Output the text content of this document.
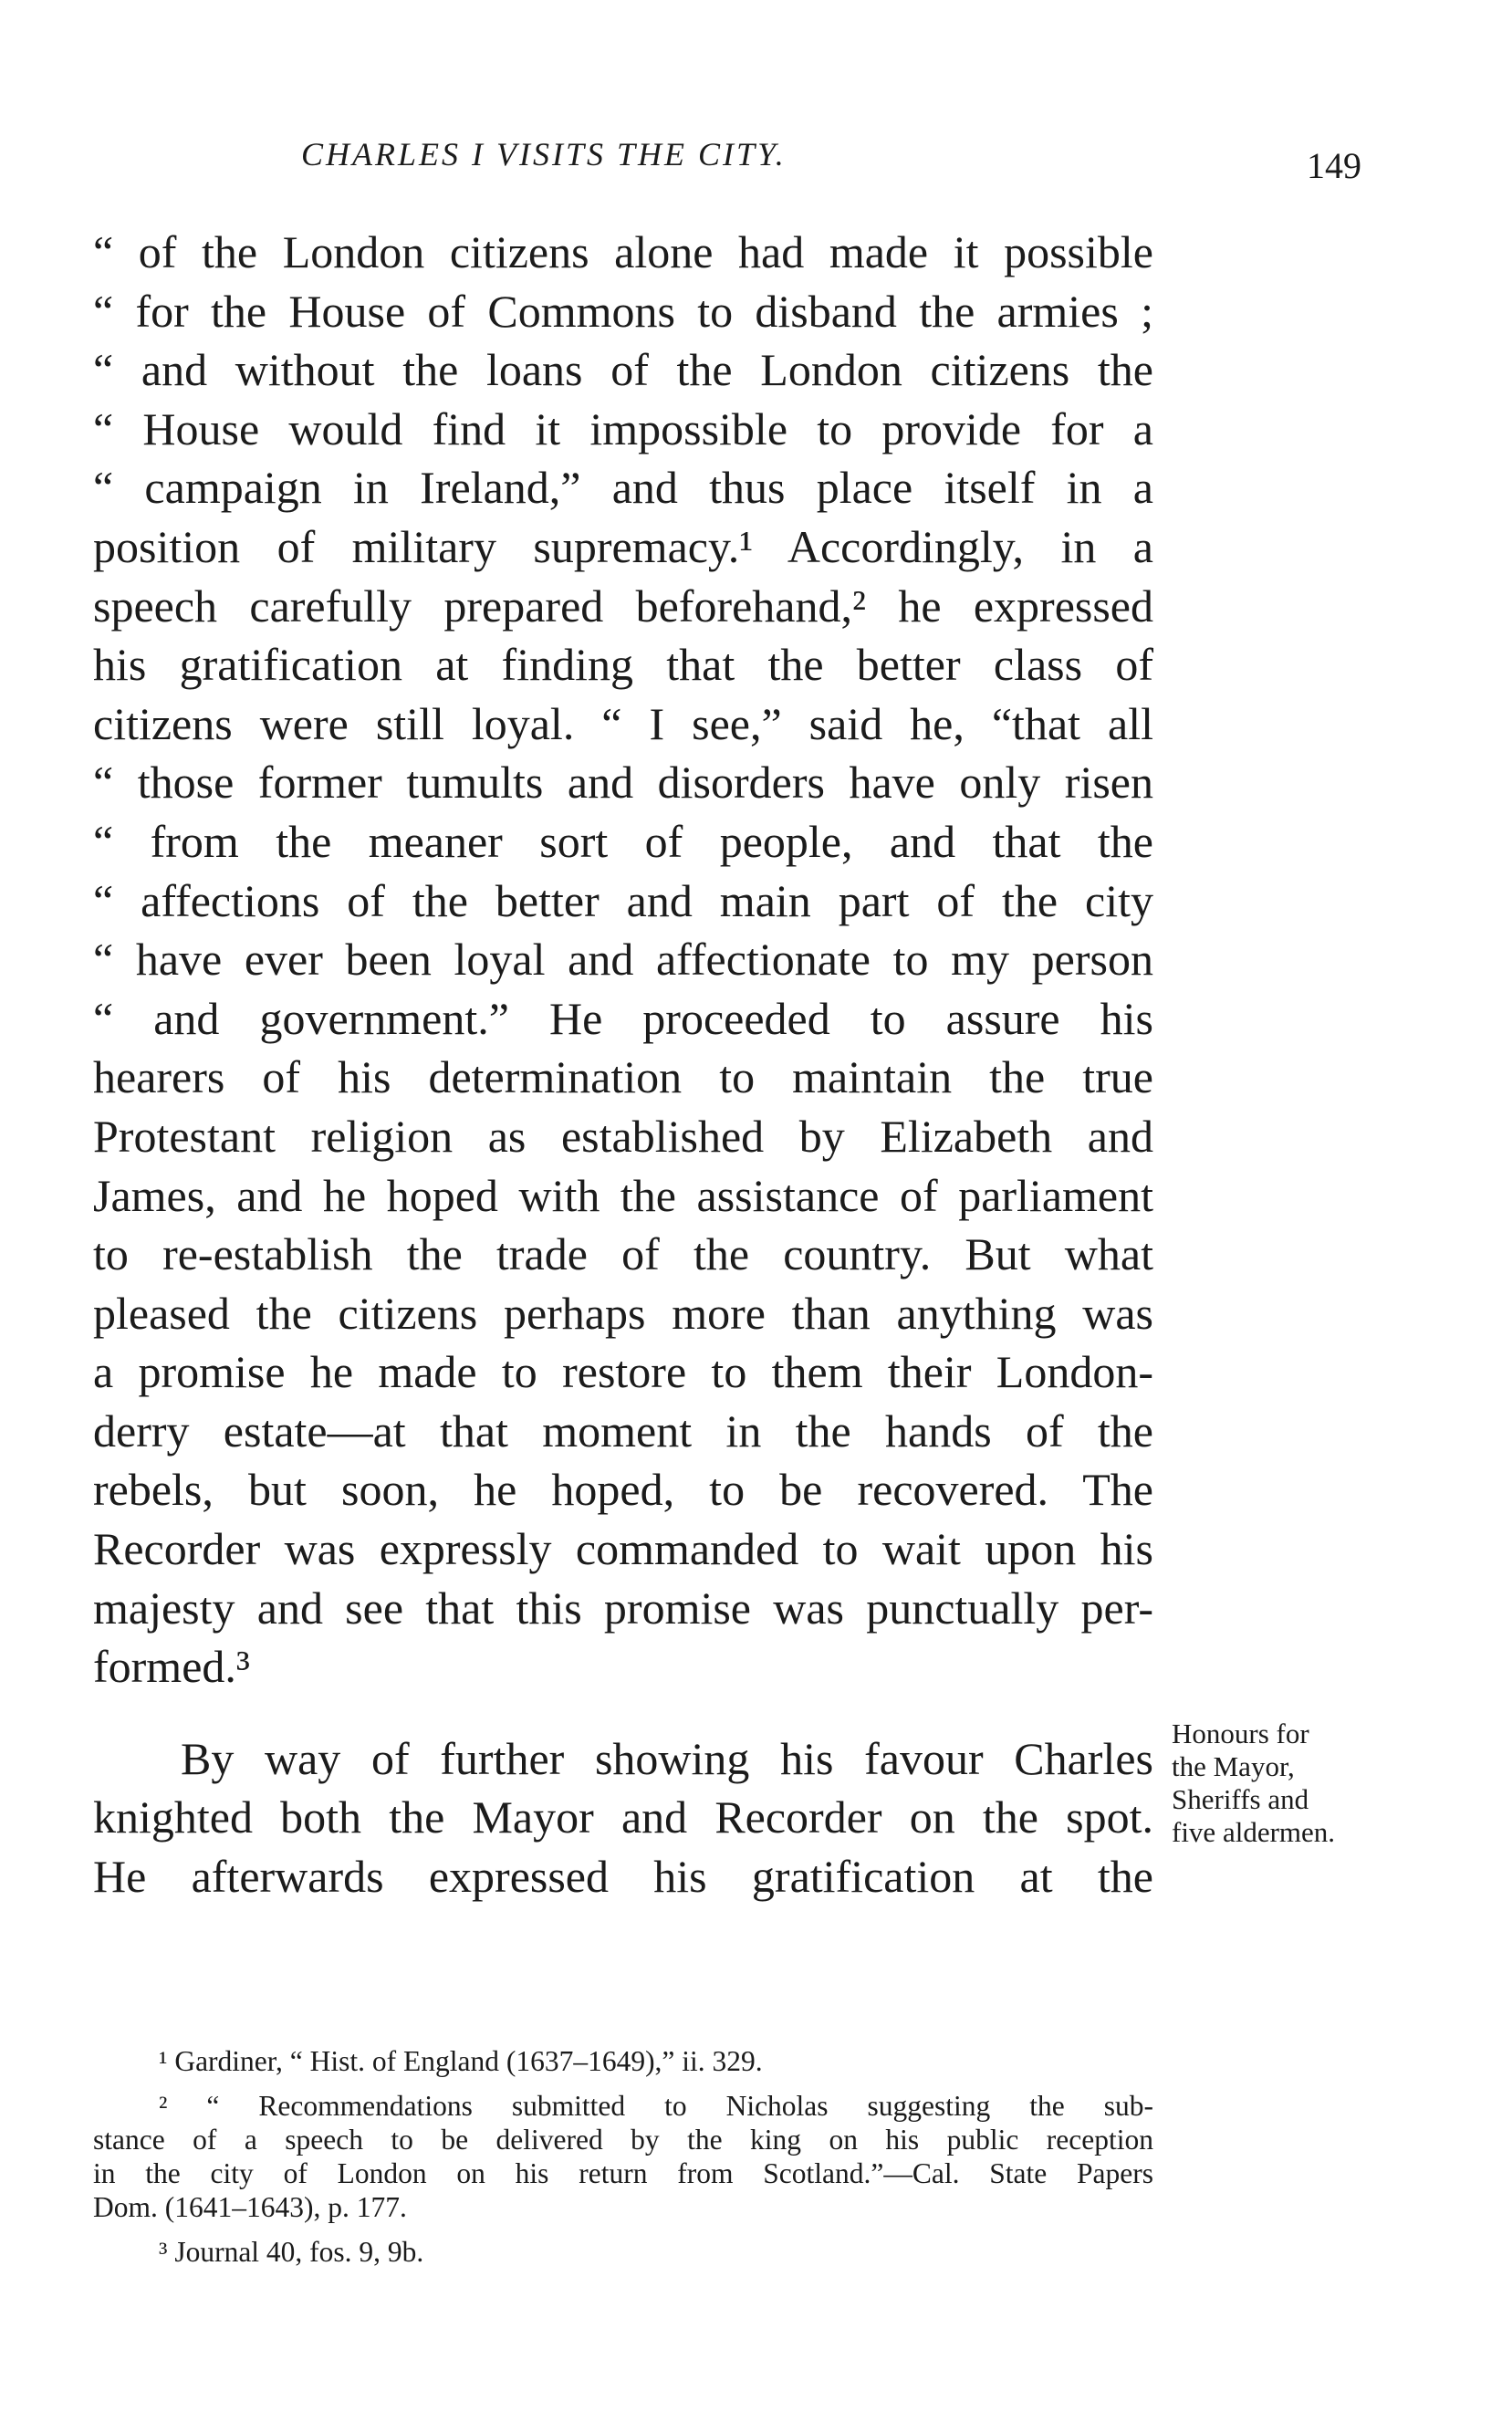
CHARLES I VISITS THE CITY.	149
“ of the London citizens alone had made it possible
“ for the House of Commons to disband the armies ;
“ and without the loans of the London citizens the
“ House would find it impossible to provide for a
“ campaign in Ireland,” and thus place itself in a
position of military supremacy.¹ Accordingly, in a
speech carefully prepared beforehand,² he expressed
his gratification at finding that the better class of
citizens were still loyal. “ I see,” said he, “that all
“ those former tumults and disorders have only risen
“ from the meaner sort of people, and that the
“ affections of the better and main part of the city
“ have ever been loyal and affectionate to my person
“ and government.” He proceeded to assure his
hearers of his determination to maintain the true
Protestant religion as established by Elizabeth and
James, and he hoped with the assistance of parliament
to re-establish the trade of the country. But what
pleased the citizens perhaps more than anything was
a promise he made to restore to them their London-
derry estate—at that moment in the hands of the
rebels, but soon, he hoped, to be recovered. The
Recorder was expressly commanded to wait upon his
majesty and see that this promise was punctually per-
formed.³
By way of further showing his favour Charles
knighted both the Mayor and Recorder on the spot.
He afterwards expressed his gratification at the
Honours for
the Mayor,
Sheriffs and
five aldermen.
¹ Gardiner, “ Hist. of England (1637–1649),” ii. 329.
² “ Recommendations submitted to Nicholas suggesting the sub-
stance of a speech to be delivered by the king on his public reception
in the city of London on his return from Scotland.”—Cal. State Papers
Dom. (1641–1643), p. 177.
³ Journal 40, fos. 9, 9b.
